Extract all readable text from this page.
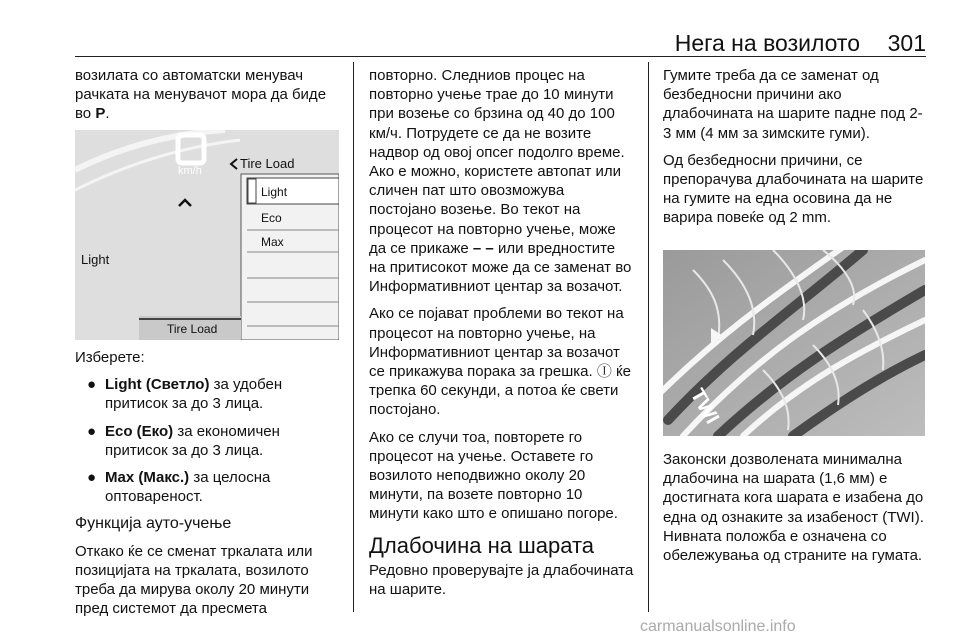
Нега на возилото	301

возилата со автоматски менувач рачката на менувачот мора да биде во P.

km/h
0
Tire Load
Light
Eco
Max
Light
Tire Load

Изберете:

● Light (Светло) за удобен притисок за до 3 лица.
● Eco (Еко) за економичен притисок за до 3 лица.
● Max (Макс.) за целосна оптовареност.
Функција ауто-учење

Откако ќе се сменат тркалата или позицијата на тркалата, возилото треба да мирува околу 20 минути пред системот да пресмета

повторно. Следниов процес на повторно учење трае до 10 минути при возење со брзина од 40 до 100 км/ч. Потрудете се да не возите надвор од овој опсег подолго време. Ако е можно, користете автопат или сличен пат што овозможува постојано возење. Во текот на процесот на повторно учење, може да се прикаже – – или вредностите на притисокот може да се заменат во Информативниот центар за возачот.

Ако се појават проблеми во текот на процесот на повторно учење, на Информативниот центар за возачот се прикажува порака за грешка. Ⓘ ќе трепка 60 секунди, а потоа ќе свети постојано.

Ако се случи тоа, повторете го процесот на учење. Оставете го возилото неподвижно околу 20 минути, па возете повторно 10 минути како што е опишано погоре.

Длабочина на шарата

Редовно проверувајте ја длабочината на шарите.

Гумите треба да се заменат од безбедносни причини ако длабочината на шарите падне под 2-3 мм (4 мм за зимските гуми).

Од безбедносни причини, се препорачува длабочината на шарите на гумите на една осовина да не варира повеќе од 2 mm.

TWI

Законски дозволената минимална длабочина на шарата (1,6 мм) е достигната кога шарата е изабена до една од ознаките за изабеност (TWI). Нивната положба е означена со обележувања од страните на гумата.

carmanualsonline.info
